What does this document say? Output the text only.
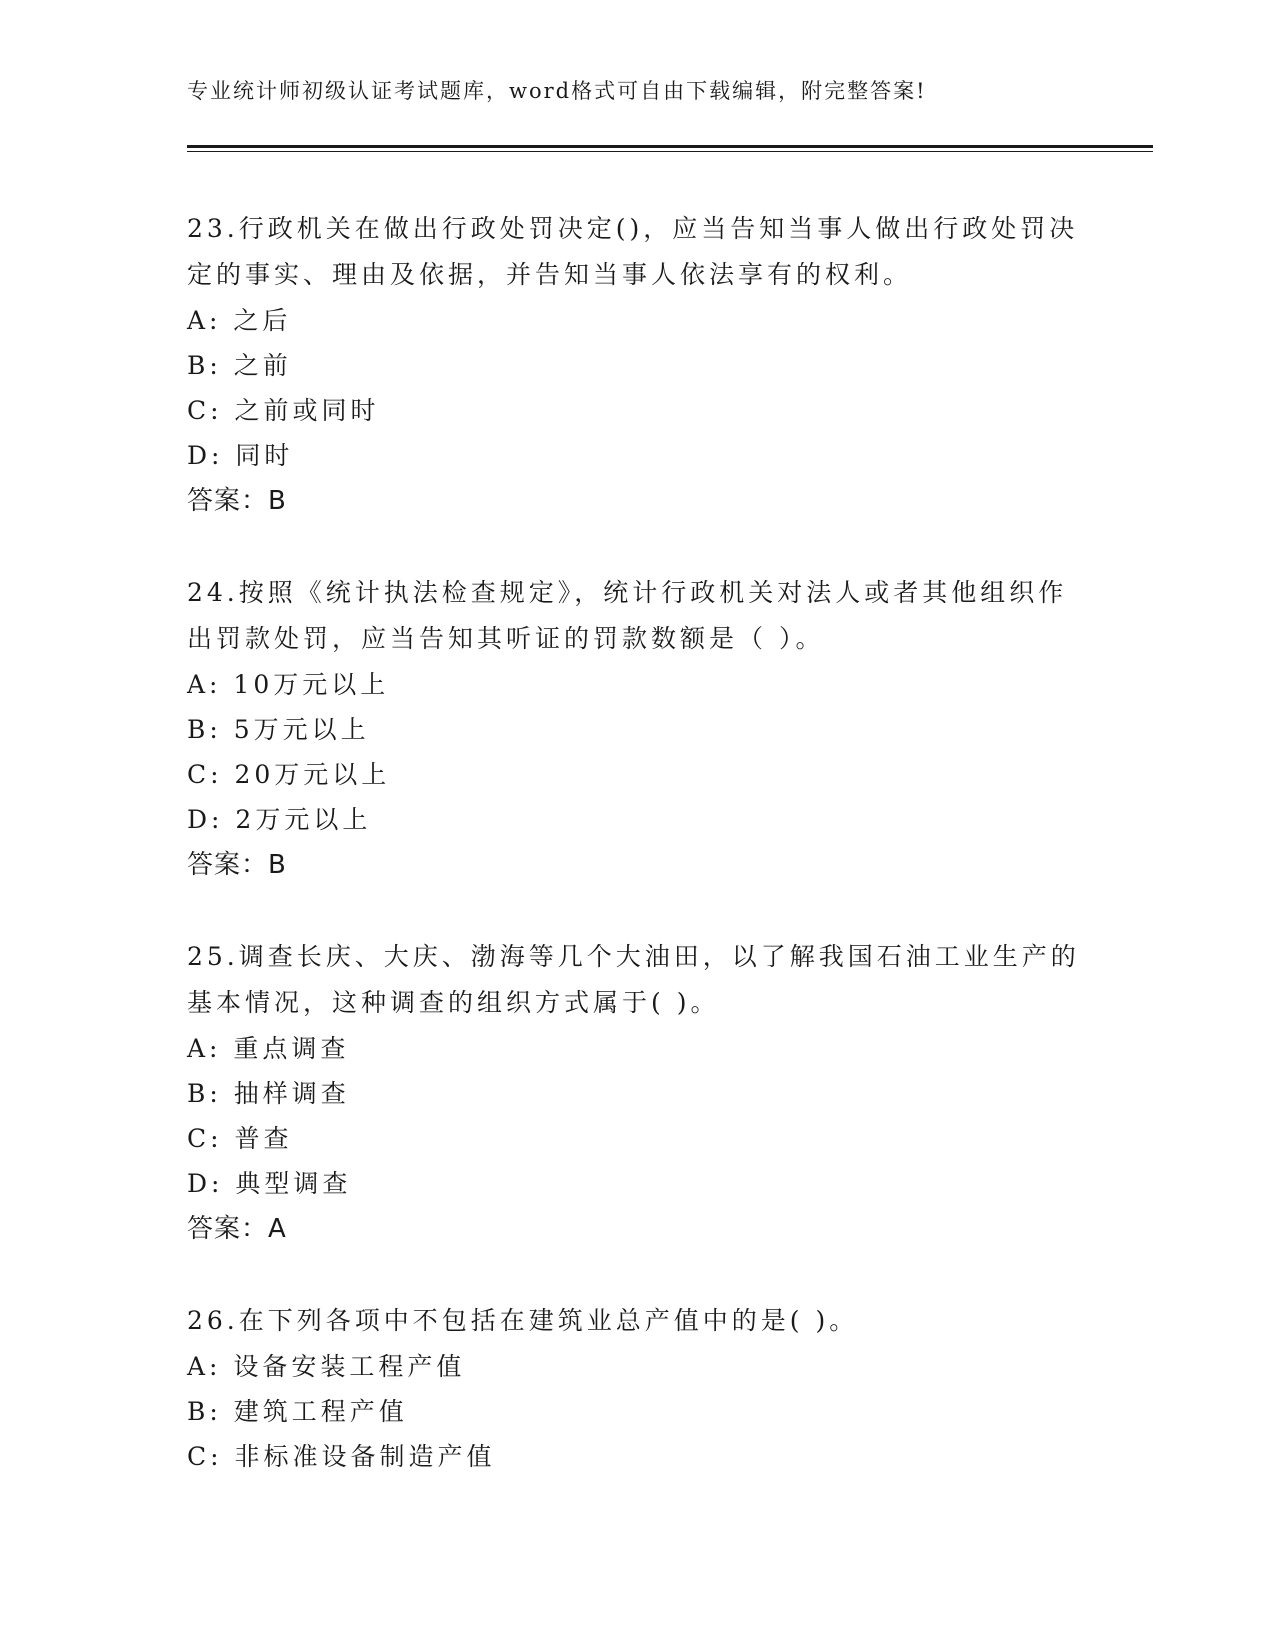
专业统计师初级认证考试题库，word格式可自由下载编辑，附完整答案!
23.行政机关在做出行政处罚决定()，应当告知当事人做出行政处罚决
定的事实、理由及依据，并告知当事人依法享有的权利。
A: 之后
B: 之前
C: 之前或同时
D: 同时
答案：B
24.按照《统计执法检查规定》，统计行政机关对法人或者其他组织作
出罚款处罚，应当告知其听证的罚款数额是（ ）。
A: 10万元以上
B: 5万元以上
C: 20万元以上
D: 2万元以上
答案：B
25.调查长庆、大庆、渤海等几个大油田，以了解我国石油工业生产的
基本情况，这种调查的组织方式属于( )。
A: 重点调查
B: 抽样调查
C: 普查
D: 典型调查
答案：A
26.在下列各项中不包括在建筑业总产值中的是( )。
A: 设备安装工程产值
B: 建筑工程产值
C: 非标准设备制造产值
